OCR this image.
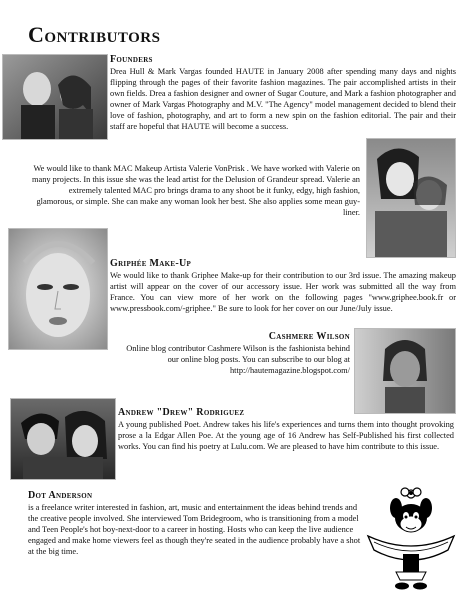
Contributors
Founders

Drea Hull & Mark Vargas founded HAUTE in January 2008 after spending many days and nights flipping through the pages of their favorite fashion magazines. The pair accomplished artists in their own fields. Drea a fashion designer and owner of Sugar Couture, and Mark a fashion photographer and owner of Mark Vargas Photography and M.V. "The Agency" model management decided to blend their love of fashion, photography, and art to form a new spin on the fashion editorial. The pair and their staff are hopeful that HAUTE will become a success.

We would like to thank MAC Makeup Artista Valerie VonPrisk . We have worked with Valerie on many projects. In this issue she was the lead artist for the Delusion of Grandeur spread. Valerie an extremely talented MAC pro brings drama to any shoot be it funky, edgy, high fashion, glamorous, or simple. She can make any woman look her best. She also applies some mean guy-liner.

Griphée Make-Up

We would like to thank Griphee Make-up for their contribution to our 3rd issue. The amazing makeup artist will appear on the cover of our accessory issue. Her work was submitted all the way from France. You can view more of her work on the following pages "www.griphee.book.fr or www.pressbook.com/-griphee." Be sure to look for her cover on our June/July issue.

Cashmere Wilson

Online blog contributor Cashmere Wilson is the fashionista behind our online blog posts. You can subscribe to our blog at http://hautemagazine.blogspot.com/

Andrew "Drew" Rodriguez

A young published Poet. Andrew takes his life's experiences and turns them into thought provoking prose a la Edgar Allen Poe. At the young age of 16 Andrew has Self-Published his first collected works. You can find his poetry at Lulu.com. We are pleased to have him contribute to this issue.

Dot Anderson

is a freelance writer interested in fashion, art, music and entertainment the ideas behind trends and the creative people involved. She interviewed Tom Bridegroom, who is transitioning from a model and Teen People's hot boy-next-door to a career in hosting. Hosts who can keep the live audience engaged and make home viewers feel as though they're seated in the audience probably have a shot at the big time.
